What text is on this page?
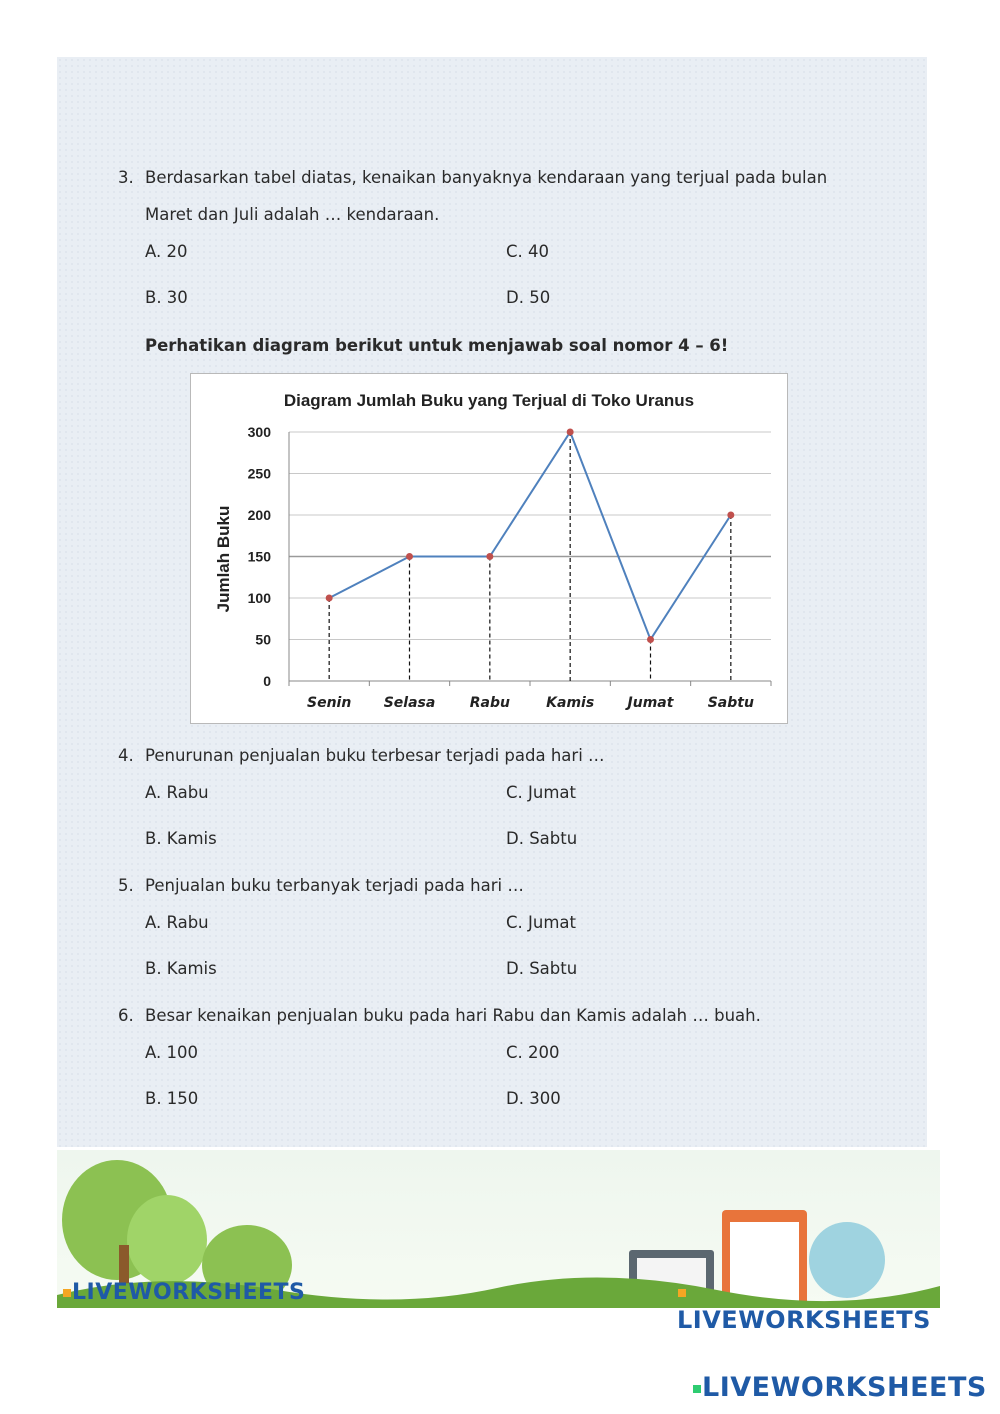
3. Berdasarkan tabel diatas, kenaikan banyaknya kendaraan yang terjual pada bulan
Maret dan Juli adalah … kendaraan.
A. 20	C. 40
B. 30	D. 50
Perhatikan diagram berikut untuk menjawab soal nomor 4 – 6!
Diagram Jumlah Buku yang Terjual di Toko Uranus
Jumlah Buku
0
50
100
150
200
250
300
Senin Selasa Rabu	Kamis Jumat Sabtu
4. Penurunan penjualan buku terbesar terjadi pada hari …
A. Rabu	C. Jumat
B. Kamis	D. Sabtu
5. Penjualan buku terbanyak terjadi pada hari …
A. Rabu	C. Jumat
B. Kamis	D. Sabtu
6. Besar kenaikan penjualan buku pada hari Rabu dan Kamis adalah … buah.
A. 100	C. 200
B. 150	D. 300
LIVEWORKSHEETS
LIVEWORKSHEETS
LIVEWORKSHEETS
